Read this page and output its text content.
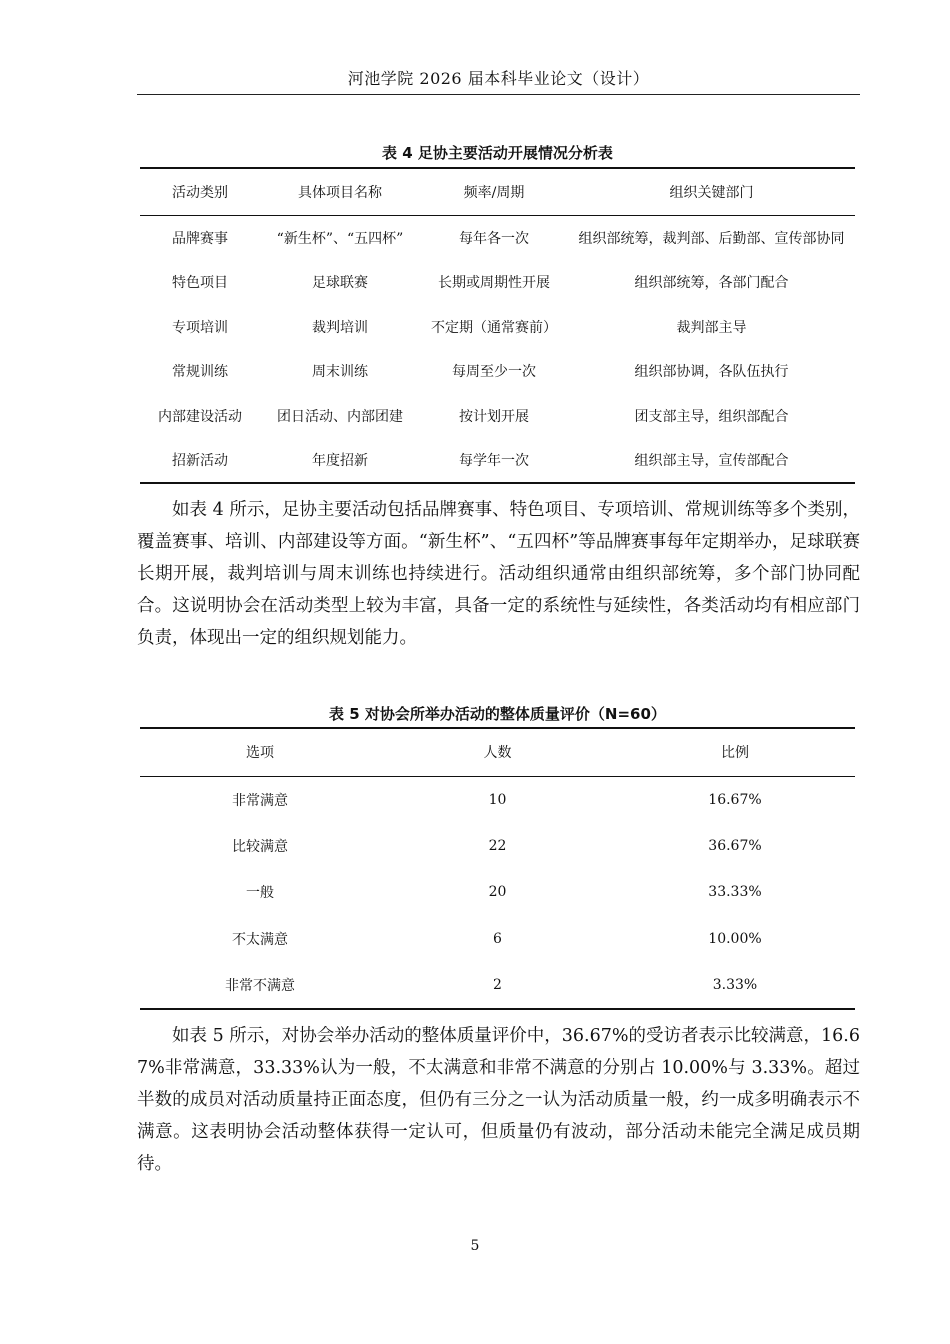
河池学院 2026 届本科毕业论文（设计）
表 4 足协主要活动开展情况分析表
活动类别	具体项目名称	频率/周期	组织关键部门
品牌赛事	“新生杯”、“五四杯”	每年各一次	组织部统筹，裁判部、后勤部、宣传部协同
特色项目	足球联赛	长期或周期性开展	组织部统筹，各部门配合
专项培训	裁判培训	不定期（通常赛前）	裁判部主导
常规训练	周末训练	每周至少一次	组织部协调，各队伍执行
内部建设活动	团日活动、内部团建	按计划开展	团支部主导，组织部配合
招新活动	年度招新	每学年一次	组织部主导，宣传部配合

如表 4 所示，足协主要活动包括品牌赛事、特色项目、专项培训、常规训练等多个类别，覆盖赛事、培训、内部建设等方面。“新生杯”、“五四杯”等品牌赛事每年定期举办，足球联赛长期开展，裁判培训与周末训练也持续进行。活动组织通常由组织部统筹，多个部门协同配合。这说明协会在活动类型上较为丰富，具备一定的系统性与延续性，各类活动均有相应部门负责，体现出一定的组织规划能力。

表 5 对协会所举办活动的整体质量评价（N=60）
选项	人数	比例
非常满意	10	16.67%
比较满意	22	36.67%
一般	20	33.33%
不太满意	6	10.00%
非常不满意	2	3.33%

如表 5 所示，对协会举办活动的整体质量评价中，36.67%的受访者表示比较满意，16.67%非常满意，33.33%认为一般，不太满意和非常不满意的分别占 10.00%与 3.33%。超过半数的成员对活动质量持正面态度，但仍有三分之一认为活动质量一般，约一成多明确表示不满意。这表明协会活动整体获得一定认可，但质量仍有波动，部分活动未能完全满足成员期待。

5
